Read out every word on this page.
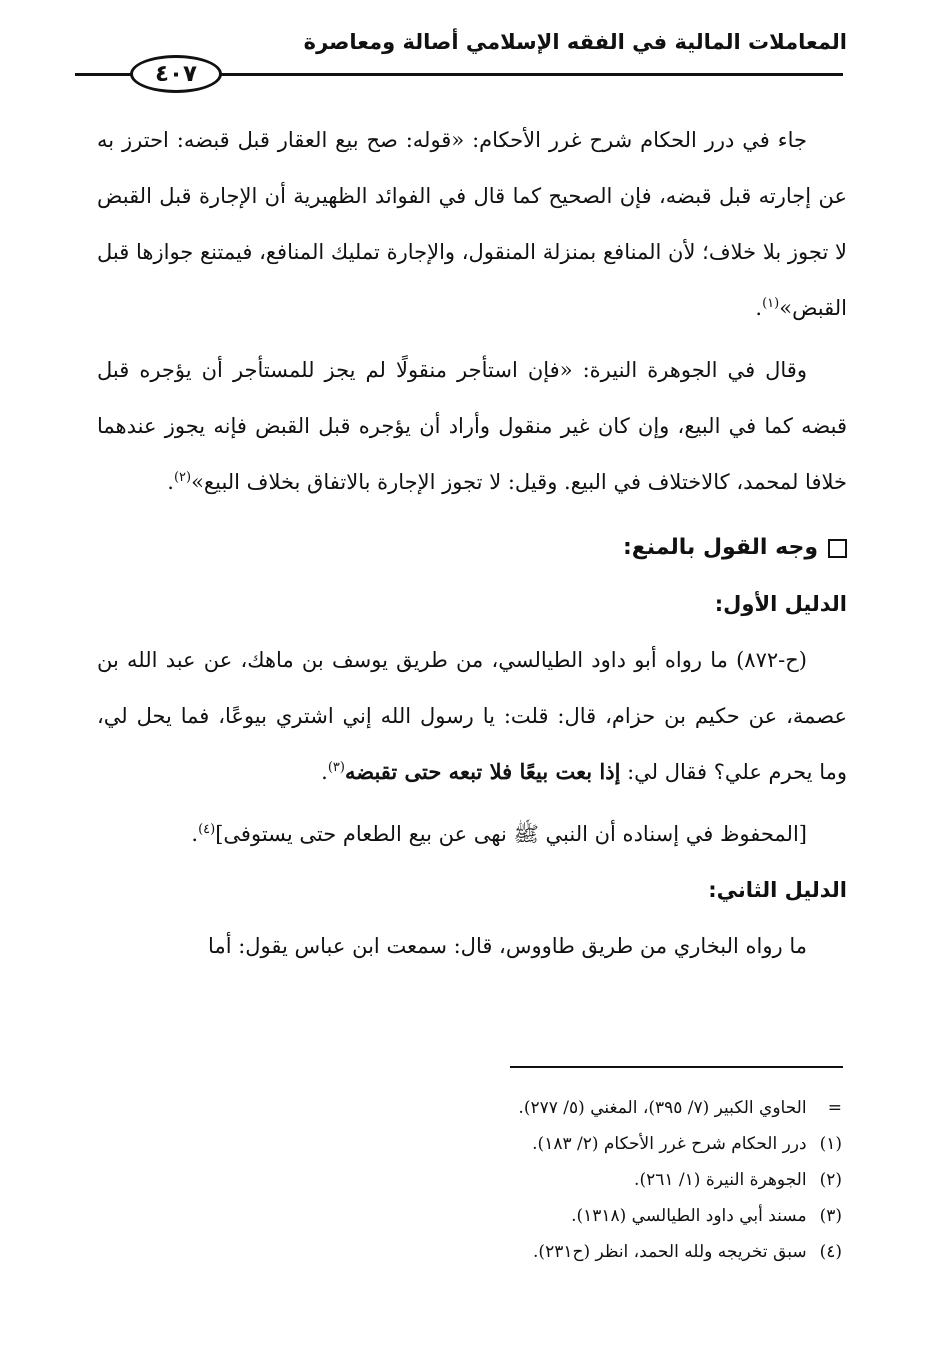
المعاملات المالية في الفقه الإسلامي أصالة ومعاصرة
٤٠٧

جاء في درر الحكام شرح غرر الأحكام: «قوله: صح بيع العقار قبل قبضه: احترز به عن إجارته قبل قبضه، فإن الصحيح كما قال في الفوائد الظهيرية أن الإجارة قبل القبض لا تجوز بلا خلاف؛ لأن المنافع بمنزلة المنقول، والإجارة تمليك المنافع، فيمتنع جوازها قبل القبض»$^{(١)}$.

وقال في الجوهرة النيرة: «فإن استأجر منقولًا لم يجز للمستأجر أن يؤجره قبل قبضه كما في البيع، وإن كان غير منقول وأراد أن يؤجره قبل القبض فإنه يجوز عندهما خلافا لمحمد، كالاختلاف في البيع. وقيل: لا تجوز الإجارة بالاتفاق بخلاف البيع»$^{(٢)}$.

وجه القول بالمنع:

الدليل الأول:

(ح-٨٧٢) ما رواه أبو داود الطيالسي، من طريق يوسف بن ماهك، عن عبد الله بن عصمة، عن حكيم بن حزام، قال: قلت: يا رسول الله إني اشتري بيوعًا، فما يحل لي، وما يحرم علي؟ فقال لي: إذا بعت بيعًا فلا تبعه حتى تقبضه$^{(٣)}$.

[المحفوظ في إسناده أن النبي ﷺ نهى عن بيع الطعام حتى يستوفى]$^{(٤)}$.

الدليل الثاني:

ما رواه البخاري من طريق طاووس، قال: سمعت ابن عباس يقول: أما

= الحاوي الكبير (٧/ ٣٩٥)، المغني (٥/ ٢٧٧).

(١) درر الحكام شرح غرر الأحكام (٢/ ١٨٣).

(٢) الجوهرة النيرة (١/ ٢٦١).

(٣) مسند أبي داود الطيالسي (١٣١٨).

(٤) سبق تخريجه ولله الحمد، انظر (ح٢٣١).
